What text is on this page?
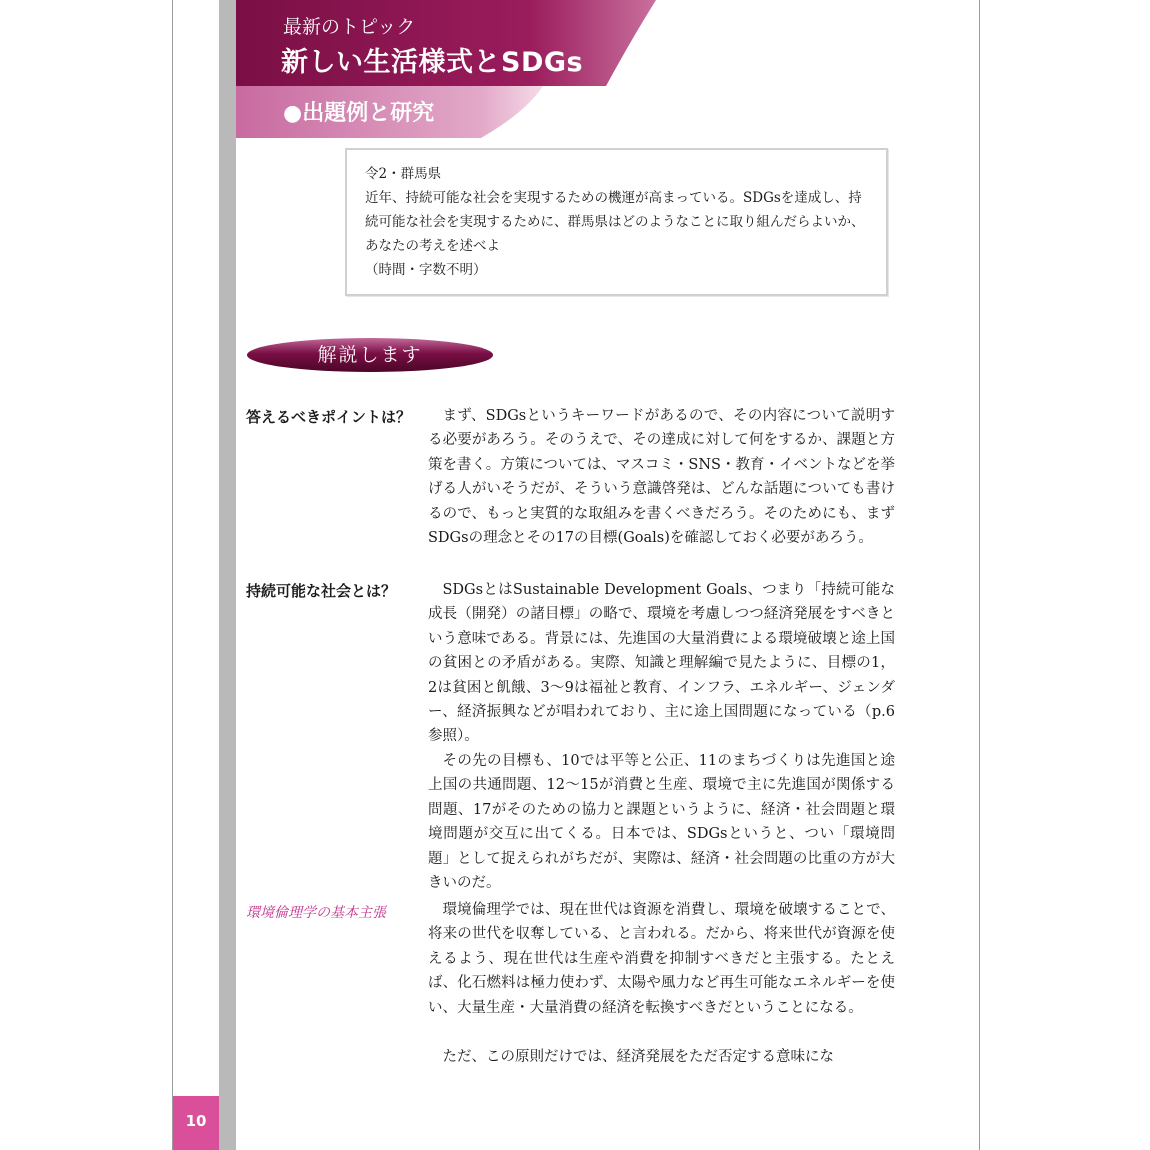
最新のトピック
新しい生活様式とSDGs
●出題例と研究

令2・群馬県

近年、持続可能な社会を実現するための機運が高まっている。SDGsを達成し、持続可能な社会を実現するために、群馬県はどのようなことに取り組んだらよいか、あなたの考えを述べよ

（時間・字数不明）

解説します
答えるべきポイントは？	まず、SDGsというキーワードがあるので、その内容について説明する必要があろう。そのうえで、その達成に対して何をするか、課題と方策を書く。方策については、マスコミ・SNS・教育・イベントなどを挙げる人がいそうだが、そういう意識啓発は、どんな話題についても書けるので、もっと実質的な取組みを書くべきだろう。そのためにも、まずSDGsの理念とその17の目標(Goals)を確認しておく必要があろう。

持続可能な社会とは？	SDGsとはSustainable Development Goals、つまり「持続可能な成長（開発）の諸目標」の略で、環境を考慮しつつ経済発展をすべきという意味である。背景には、先進国の大量消費による環境破壊と途上国の貧困との矛盾がある。実際、知識と理解編で見たように、目標の1，2は貧困と飢餓、3～9は福祉と教育、インフラ、エネルギー、ジェンダー、経済振興などが唱われており、主に途上国問題になっている（p.6参照）。

その先の目標も、10では平等と公正、11のまちづくりは先進国と途上国の共通問題、12～15が消費と生産、環境で主に先進国が関係する問題、17がそのための協力と課題というように、経済・社会問題と環境問題が交互に出てくる。日本では、SDGsというと、つい「環境問題」として捉えられがちだが、実際は、経済・社会問題の比重の方が大きいのだ。

環境倫理学の基本主張	環境倫理学では、現在世代は資源を消費し、環境を破壊することで、将来の世代を収奪している、と言われる。だから、将来世代が資源を使えるよう、現在世代は生産や消費を抑制すべきだと主張する。たとえば、化石燃料は極力使わず、太陽や風力など再生可能なエネルギーを使い、大量生産・大量消費の経済を転換すべきだということになる。

ただ、この原則だけでは、経済発展をただ否定する意味にな

10
